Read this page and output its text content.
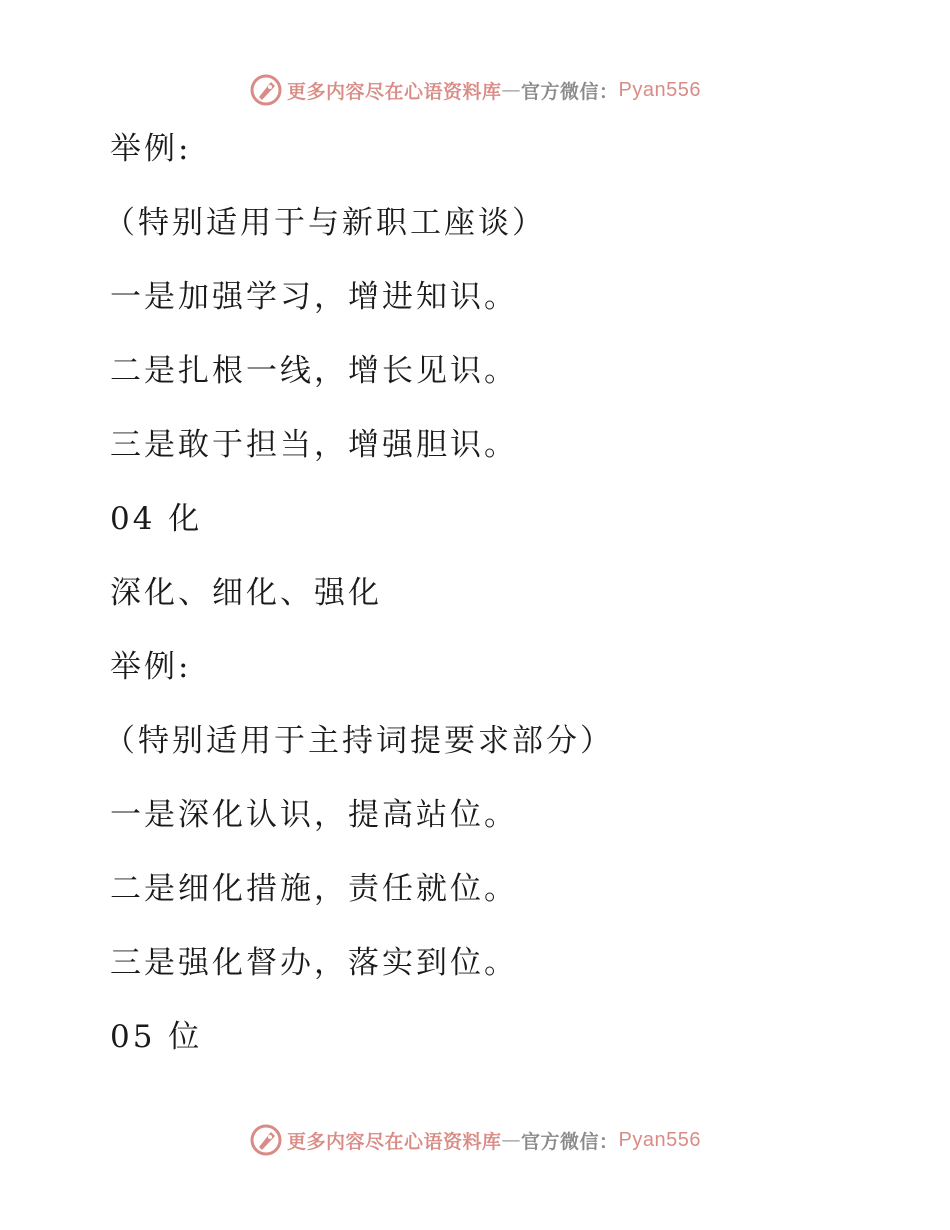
更多内容尽在心语资料库 — 官方微信： Pyan556
举例:
（特别适用于与新职工座谈）
一是加强学习，增进知识。
二是扎根一线，增长见识。
三是敢于担当，增强胆识。
04 化
深化、细化、强化
举例:
（特别适用于主持词提要求部分）
一是深化认识，提高站位。
二是细化措施，责任就位。
三是强化督办，落实到位。
05 位
更多内容尽在心语资料库 — 官方微信： Pyan556
